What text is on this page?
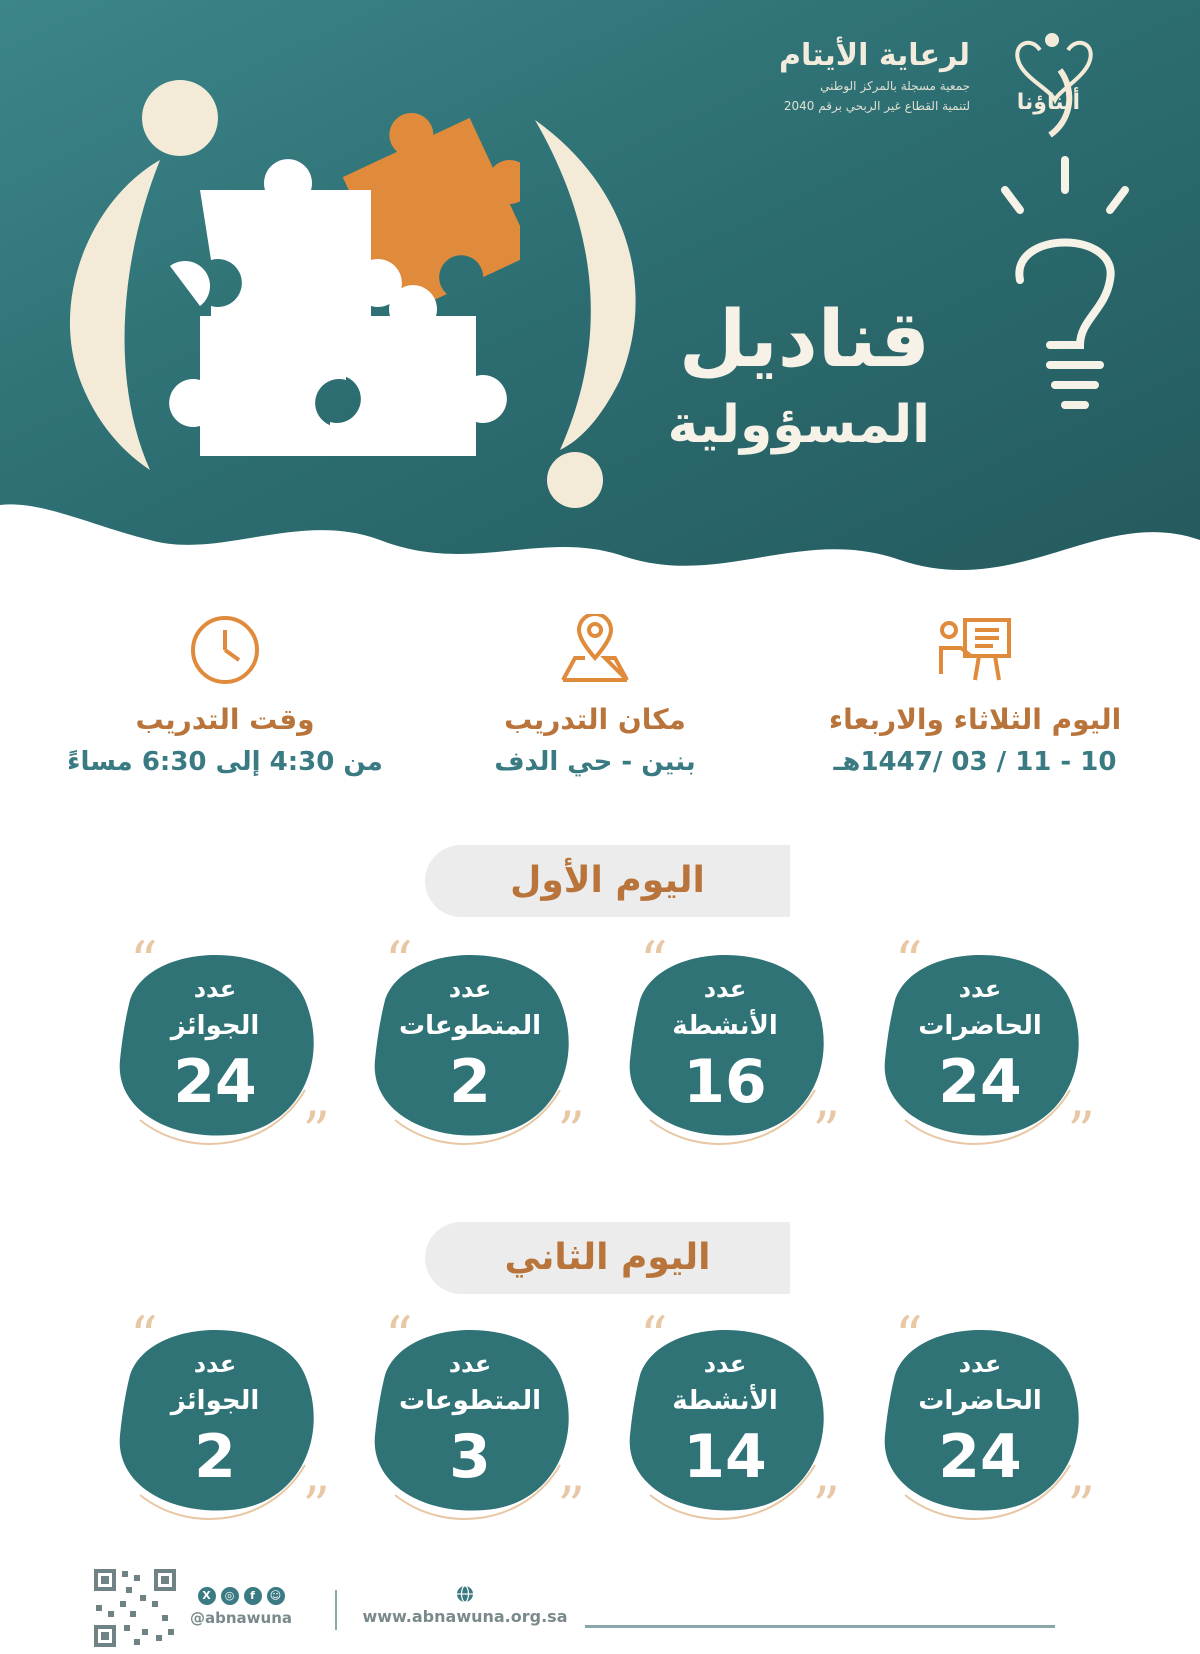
أبناؤنا
لرعاية الأيتام
جمعية مسجلة بالمركز الوطني
لتنمية القطاع غير الربحي برقم 2040
قناديل
المسؤولية
اليوم الثلاثاء والاربعاء
10 - 11 / 03 /1447هـ
مكان التدريب
بنين - حي الدف
وقت التدريب
من 4:30 إلى 6:30 مساءً
اليوم الأول
“
”
عدد
الحاضرات
24
“
”
عدد
الأنشطة
16
“
”
عدد
المتطوعات
2
“
”
عدد
الجوائز
24
اليوم الثاني
“
”
عدد
الحاضرات
24
“
”
عدد
الأنشطة
14
“
”
عدد
المتطوعات
3
“
”
عدد
الجوائز
2
X	◎	f	☺
@abnawuna	www.abnawuna.org.sa
